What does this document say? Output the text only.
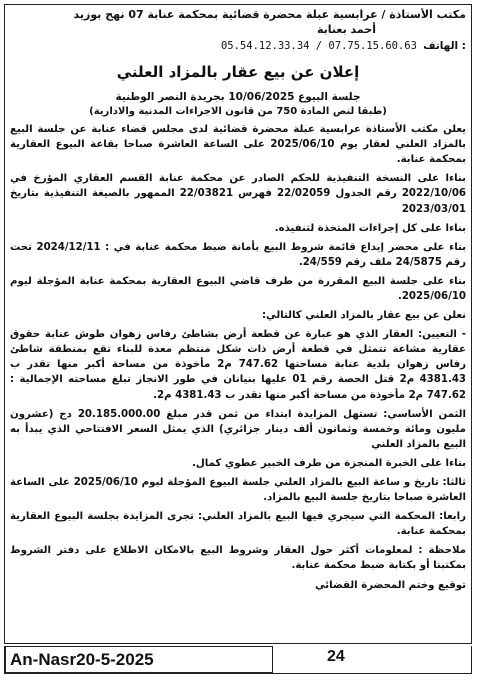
مكتب الأستاذة / عرابسية عبلة محضرة قضائية بمحكمة عنابة 07 نهج بوزيد
أحمد بعنابة
05.54.12.33.34 / 07.75.15.60.63 الهاتف :
إعلان عن بيع عقار بالمزاد العلني
جلسة البيوع 10/06/2025 بجريدة النصر الوطنية
(طبقا لنص المادة 750 من قانون الاجراءات المدنية والادارية)

يعلن مكتب الأستاذة عرابسية عبلة محضرة قضائية لدى مجلس قضاء عنابة عن جلسة البيع بالمزاد العلني لعقار يوم 2025/06/10 على الساعة العاشرة صباحا بقاعة البيوع العقارية بمحكمة عنابة.

بناءا على النسخة التنفيذية للحكم الصادر عن محكمة عنابة القسم العقاري المؤرخ في 2022/10/06 رقم الجدول 22/02059 فهرس 22/03821 الممهور بالصيغة التنفيذية بتاريخ 2023/03/01

بناءا على كل إجراءات المتخذة لتنفيذه.

بناء على محضر إيداع قائمة شروط البيع بأمانة ضبط محكمة عنابة في : 2024/12/11 تحت رقم 24/5875 ملف رقم 24/559.

بناء على جلسة البيع المقررة من طرف قاضي البيوع العقارية بمحكمة عنابة المؤجلة ليوم 2025/06/10.

نعلن عن بيع عقار بالمزاد العلني كالتالي:

- التعيين: العقار الذي هو عبارة عن قطعة أرض بشاطئ رفاس زهوان طوش عنابة حقوق عقارية مشاعة تتمثل في قطعة أرض ذات شكل منتظم معدة للبناء تقع بمنطقة شاطئ رفاس زهوان بلدية عنابة مساحتها 747.62 م2 مأخوذة من مساحة أكبر منها تقدر ب 4381.43 م2 قتل الحصة رقم 01 عليها بنيانان في طور الانجاز تبلغ مساحته الإجمالية : 747.62 م2 مأخوذة من مساحة أكبر منها تقدر ب 4381.43 م2.

الثمن الأساسي: تستهل المزايدة ابتداء من ثمن قدر مبلغ 20.185.000.00 دج (عشرون مليون ومائة وخمسة وثمانون ألف دينار جزائري) الذي يمثل السعر الافتتاحي الذي يبدأ به البيع بالمزاد العلني

بناءا على الخبرة المنجزة من طرف الخبير عطوي كمال.

ثالثا: تاريخ و ساعة البيع بالمزاد العلني جلسة البيوع المؤجلة ليوم 2025/06/10 على الساعة العاشرة صباحا بتاريخ جلسة البيع بالمزاد.

رابعا: المحكمة التي سيجري فيها البيع بالمزاد العلني: تجرى المزايدة بجلسة البيوع العقارية بمحكمة عنابة.

ملاحظة : لمعلومات أكثر حول العقار وشروط البيع بالامكان الاطلاع على دفتر الشروط بمكتبنا أو بكتابة ضبط محكمة عنابة.

توقيع وختم المحضرة القضائي

An-Nasr20-5-2025	24
